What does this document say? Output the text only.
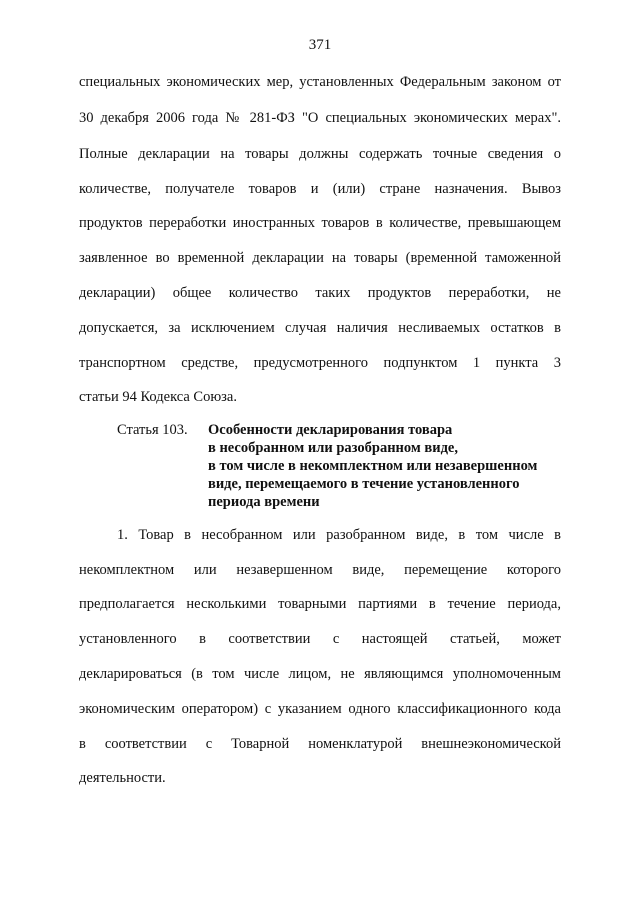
371
специальных экономических мер, установленных Федеральным законом от
30 декабря 2006 года № 281-ФЗ "О специальных экономических мерах".
Полные декларации на товары должны содержать точные сведения о
количестве, получателе товаров и (или) стране назначения. Вывоз
продуктов переработки иностранных товаров в количестве, превышающем
заявленное во временной декларации на товары (временной таможенной
декларации) общее количество таких продуктов переработки, не
допускается, за исключением случая наличия несливаемых остатков в
транспортном средстве, предусмотренного подпунктом 1 пункта 3
статьи 94 Кодекса Союза.
Статья 103. Особенности декларирования товара
в несобранном или разобранном виде,
в том числе в некомплектном или незавершенном
виде, перемещаемого в течение установленного
периода времени
1. Товар в несобранном или разобранном виде, в том числе в
некомплектном или незавершенном виде, перемещение которого
предполагается несколькими товарными партиями в течение периода,
установленного в соответствии с настоящей статьей, может
декларироваться (в том числе лицом, не являющимся уполномоченным
экономическим оператором) с указанием одного классификационного кода
в соответствии с Товарной номенклатурой внешнеэкономической
деятельности.
